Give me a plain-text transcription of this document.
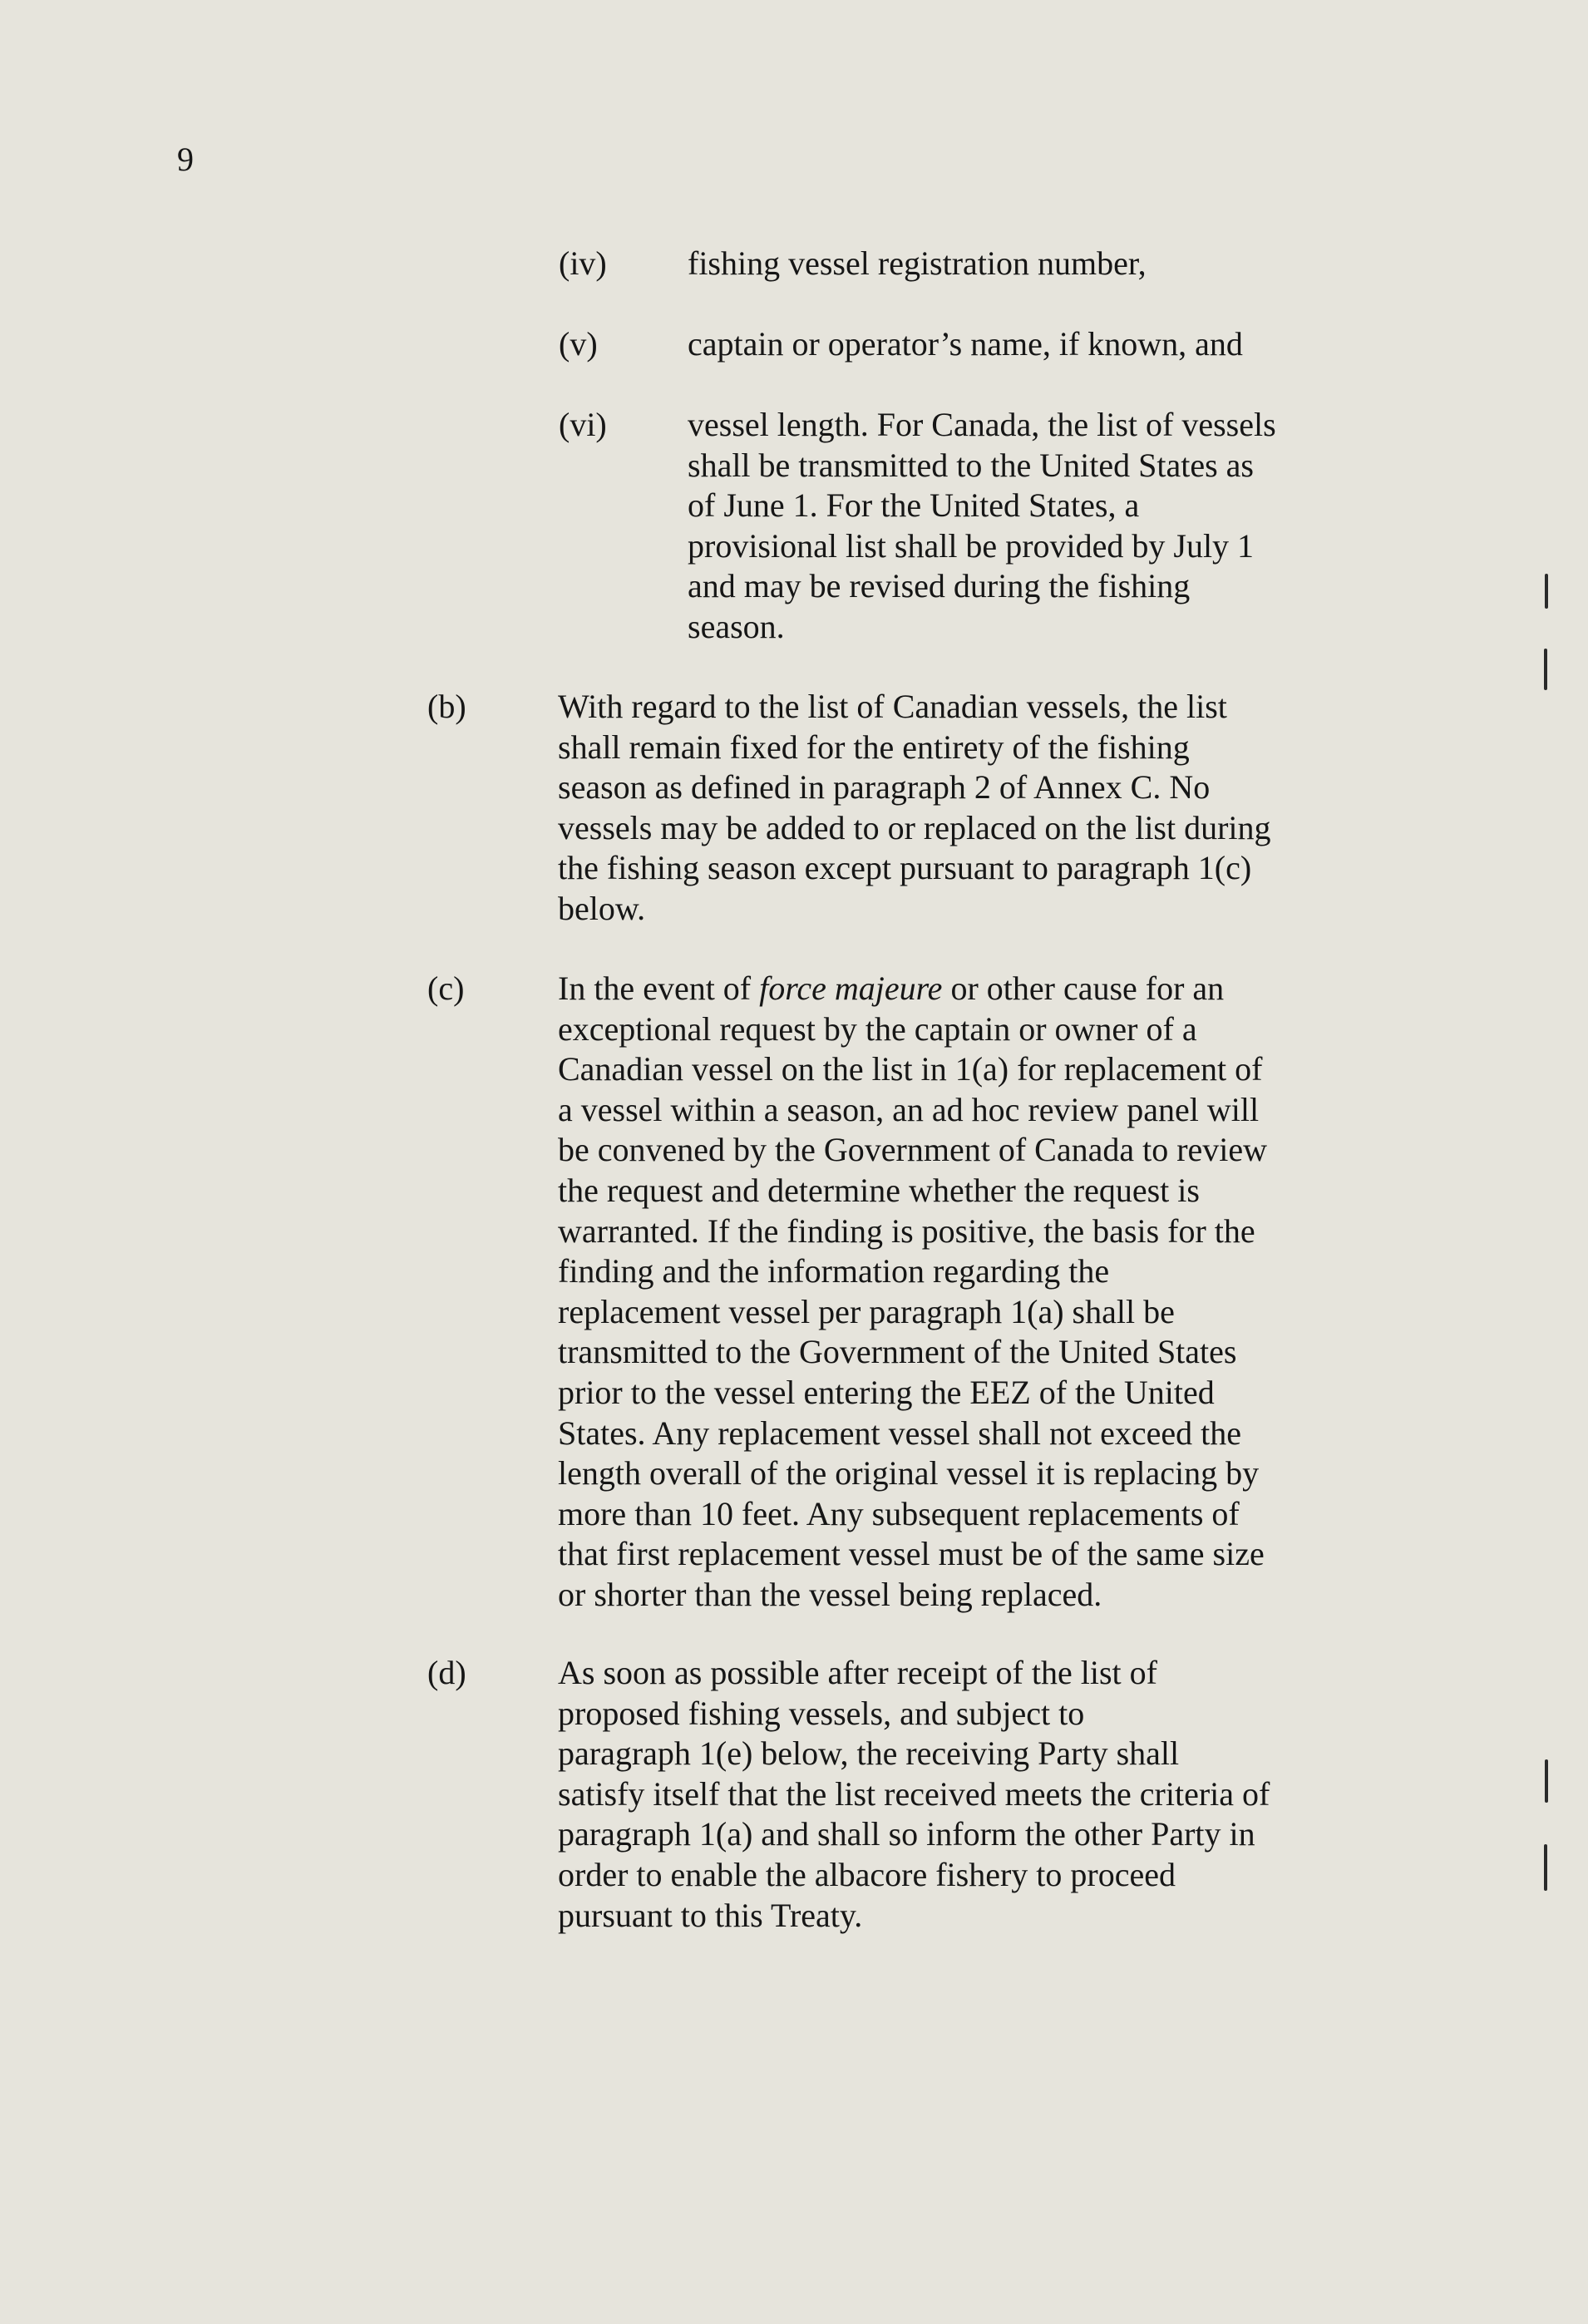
9
(iv) fishing vessel registration number,
(v)	captain or operator’s name, if known, and
(vi) vessel length. For Canada, the list of vessels
shall be transmitted to the United States as
of June 1. For the United States, a
provisional list shall be provided by July 1
and may be revised during the fishing
season.
(b)	With regard to the list of Canadian vessels, the list
shall remain fixed for the entirety of the fishing
season as defined in paragraph 2 of Annex C. No
vessels may be added to or replaced on the list during
the fishing season except pursuant to paragraph 1(c)
below.
(c)	In the event of force majeure or other cause for an
exceptional request by the captain or owner of a
Canadian vessel on the list in 1(a) for replacement of
a vessel within a season, an ad hoc review panel will
be convened by the Government of Canada to review
the request and determine whether the request is
warranted. If the finding is positive, the basis for the
finding and the information regarding the
replacement vessel per paragraph 1(a) shall be
transmitted to the Government of the United States
prior to the vessel entering the EEZ of the United
States. Any replacement vessel shall not exceed the
length overall of the original vessel it is replacing by
more than 10 feet. Any subsequent replacements of
that first replacement vessel must be of the same size
or shorter than the vessel being replaced.
(d)	As soon as possible after receipt of the list of
proposed fishing vessels, and subject to
paragraph 1(e) below, the receiving Party shall
satisfy itself that the list received meets the criteria of
paragraph 1(a) and shall so inform the other Party in
order to enable the albacore fishery to proceed
pursuant to this Treaty.
